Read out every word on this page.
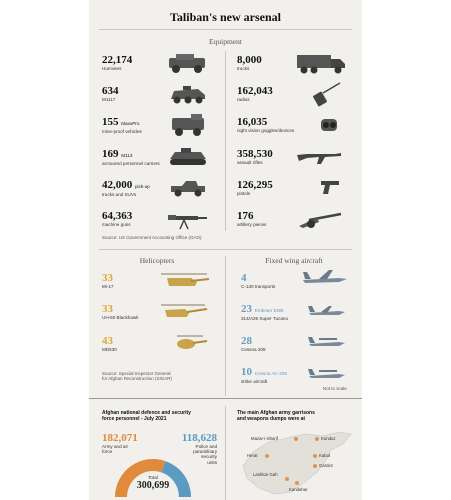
Taliban's new arsenal
Equipment
22,174
Humvees
634
M1117
155 MaxxPro
mine-proof vehicles
169 M113
armoured personnel carriers
42,000 pick-up
trucks and SUVs
64,363
machine guns
8,000
trucks
162,043
radios
16,035
night vision goggles/devices
358,530
assault rifles
126,295
pistols
176
artillery pieces
Source: US Government Accounting Office (GAO)
Helicopters
33
Mi-17
33
UH-60 Blackhawk
43
MD530
Source: Special Inspector General
for Afghan Reconstruction (SIGAR)
Fixed wing aircraft
4
C-130 transports
23 Embraer EMB
314/A29 Super Tucano
28
Cessna 208
10 Cessna AC-208
strike aircraft
Not to scale
Afghan national defence and security
force personnel - July 2021
182,071
Army and air
force
118,628
Police and
paramilitary
security
units
Total
300,699
The main Afghan army garrisons
and weapons dumps were at
Mazar-i-Sharif	Kunduz
Herat	Kabul
Gardez
Lashkar Gah
Kandahar
